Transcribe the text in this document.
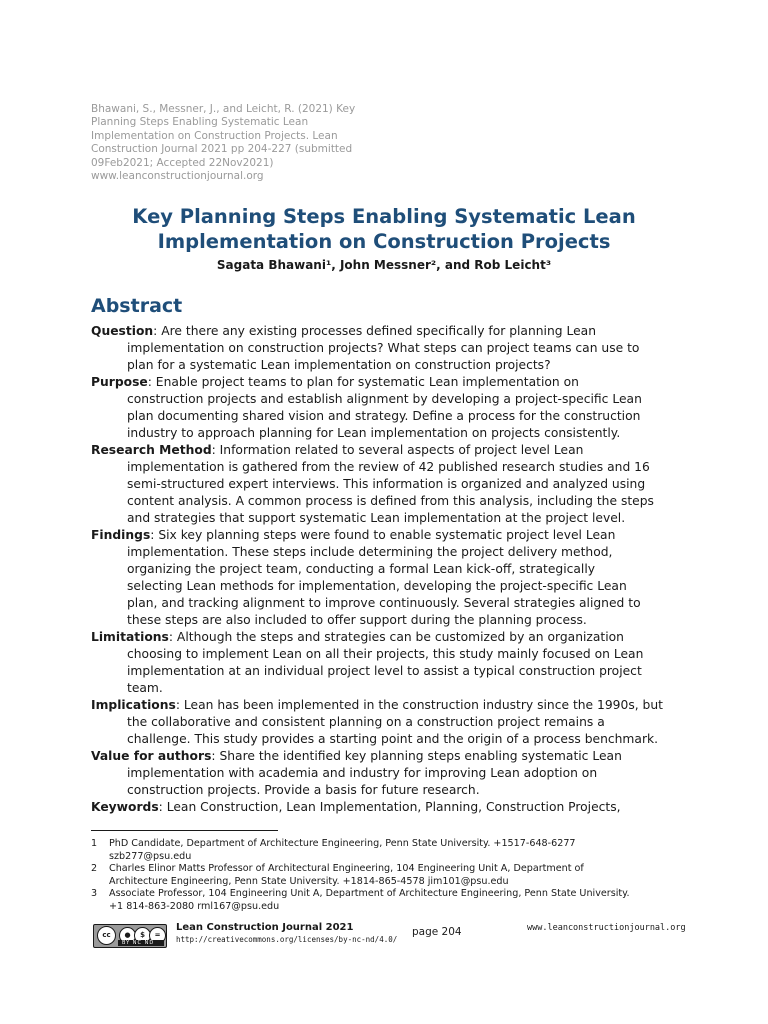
Bhawani, S., Messner, J., and Leicht, R. (2021) Key
Planning Steps Enabling Systematic Lean
Implementation on Construction Projects. Lean
Construction Journal 2021 pp 204-227 (submitted
09Feb2021; Accepted 22Nov2021)
www.leanconstructionjournal.org
Key Planning Steps Enabling Systematic Lean
Implementation on Construction Projects
Sagata Bhawani¹, John Messner², and Rob Leicht³
Abstract
Question: Are there any existing processes defined specifically for planning Lean
implementation on construction projects? What steps can project teams can use to
plan for a systematic Lean implementation on construction projects?
Purpose: Enable project teams to plan for systematic Lean implementation on
construction projects and establish alignment by developing a project-specific Lean
plan documenting shared vision and strategy. Define a process for the construction
industry to approach planning for Lean implementation on projects consistently.
Research Method: Information related to several aspects of project level Lean
implementation is gathered from the review of 42 published research studies and 16
semi-structured expert interviews. This information is organized and analyzed using
content analysis. A common process is defined from this analysis, including the steps
and strategies that support systematic Lean implementation at the project level.
Findings: Six key planning steps were found to enable systematic project level Lean
implementation. These steps include determining the project delivery method,
organizing the project team, conducting a formal Lean kick-off, strategically
selecting Lean methods for implementation, developing the project-specific Lean
plan, and tracking alignment to improve continuously. Several strategies aligned to
these steps are also included to offer support during the planning process.
Limitations: Although the steps and strategies can be customized by an organization
choosing to implement Lean on all their projects, this study mainly focused on Lean
implementation at an individual project level to assist a typical construction project
team.
Implications: Lean has been implemented in the construction industry since the 1990s, but
the collaborative and consistent planning on a construction project remains a
challenge. This study provides a starting point and the origin of a process benchmark.
Value for authors: Share the identified key planning steps enabling systematic Lean
implementation with academia and industry for improving Lean adoption on
construction projects. Provide a basis for future research.
Keywords: Lean Construction, Lean Implementation, Planning, Construction Projects,
1 PhD Candidate, Department of Architecture Engineering, Penn State University. +1517-648-6277
szb277@psu.edu
2 Charles Elinor Matts Professor of Architectural Engineering, 104 Engineering Unit A, Department of
Architecture Engineering, Penn State University. +1814-865-4578 jim101@psu.edu
3 Associate Professor, 104 Engineering Unit A, Department of Architecture Engineering, Penn State University.
+1 814-863-2080 rml167@psu.edu
cc	●	$	=
BY NC ND
Lean Construction Journal 2021
http://creativecommons.org/licenses/by-nc-nd/4.0/
page 204	www.leanconstructionjournal.org
